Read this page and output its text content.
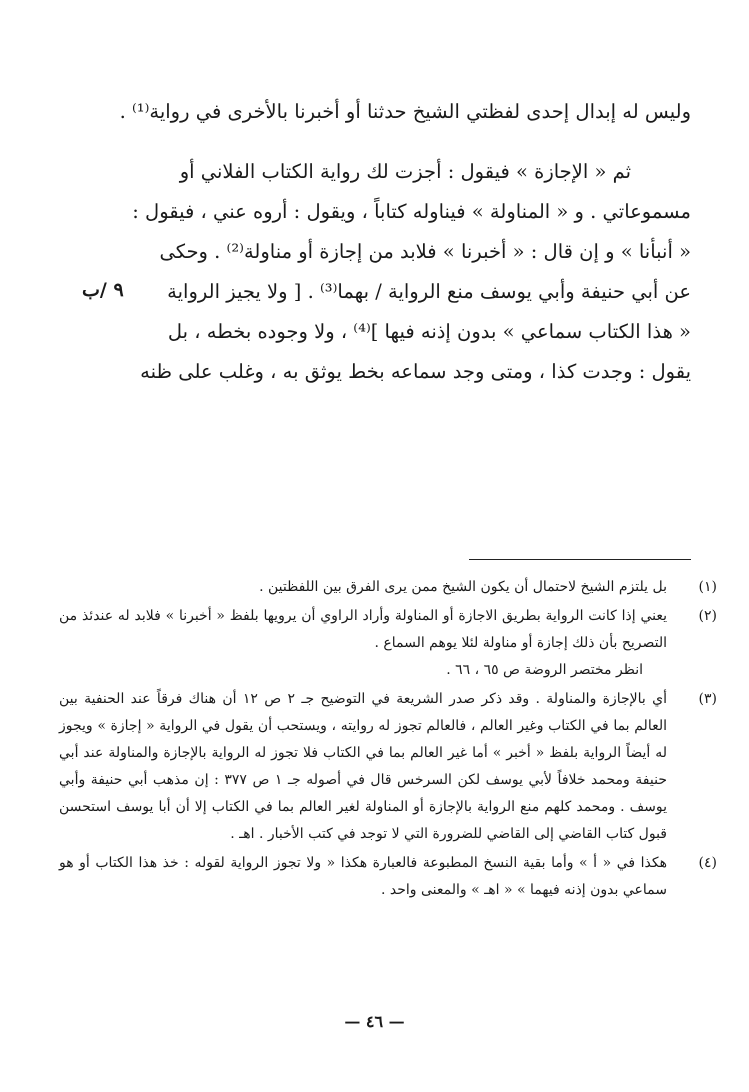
وليس له إبدال إحدى لفظتي الشيخ حدثنا أو أخبرنا بالأخرى في رواية⁽¹⁾ .
ثم « الإجازة » فيقول : أجزت لك رواية الكتاب الفلاني أو
مسموعاتي . و « المناولة » فيناوله كتاباً ، ويقول : أروه عني ، فيقول :
« أنبأنا » و إن قال : « أخبرنا » فلابد من إجازة أو مناولة⁽²⁾ . وحكى
عن أبي حنيفة وأبي يوسف منع الرواية / بهما⁽³⁾ . [ ولا يجيز الرواية
« هذا الكتاب سماعي » بدون إذنه فيها ]⁽⁴⁾ ، ولا وجوده بخطه ، بل
يقول : وجدت كذا ، ومتى وجد سماعه بخط يوثق به ، وغلب على ظنه
٩ /ب
(١)
بل يلتزم الشيخ لاحتمال أن يكون الشيخ ممن يرى الفرق بين اللفظتين .
(٢)
يعني إذا كانت الرواية بطريق الاجازة أو المناولة وأراد الراوي أن يرويها بلفظ « أخبرنا » فلابد له عندئذ من التصريح بأن ذلك إجازة أو مناولة لئلا يوهم السماع .
انظر مختصر الروضة ص ٦٥ ، ٦٦ .
(٣)
أي بالإجازة والمناولة . وقد ذكر صدر الشريعة في التوضيح جـ ٢ ص ١٢ أن هناك فرقاً عند الحنفية بين العالم بما في الكتاب وغير العالم ، فالعالم تجوز له روايته ، ويستحب أن يقول في الرواية « إجازة » ويجوز له أيضاً الرواية بلفظ « أخبر » أما غير العالم بما في الكتاب فلا تجوز له الرواية بالإجازة والمناولة عند أبي حنيفة ومحمد خلافاً لأبي يوسف لكن السرخس قال في أصوله جـ ١ ص ٣٧٧ : إن مذهب أبي حنيفة وأبي يوسف . ومحمد كلهم منع الرواية بالإجازة أو المناولة لغير العالم بما في الكتاب إلا أن أبا يوسف استحسن قبول كتاب القاضي إلى القاضي للضرورة التي لا توجد في كتب الأخبار . اهـ .
(٤)
هكذا في « أ » وأما بقية النسخ المطبوعة فالعبارة هكذا « ولا تجوز الرواية لقوله : خذ هذا الكتاب أو هو سماعي بدون إذنه فيهما » « اهـ » والمعنى واحد .
— ٤٦ —
